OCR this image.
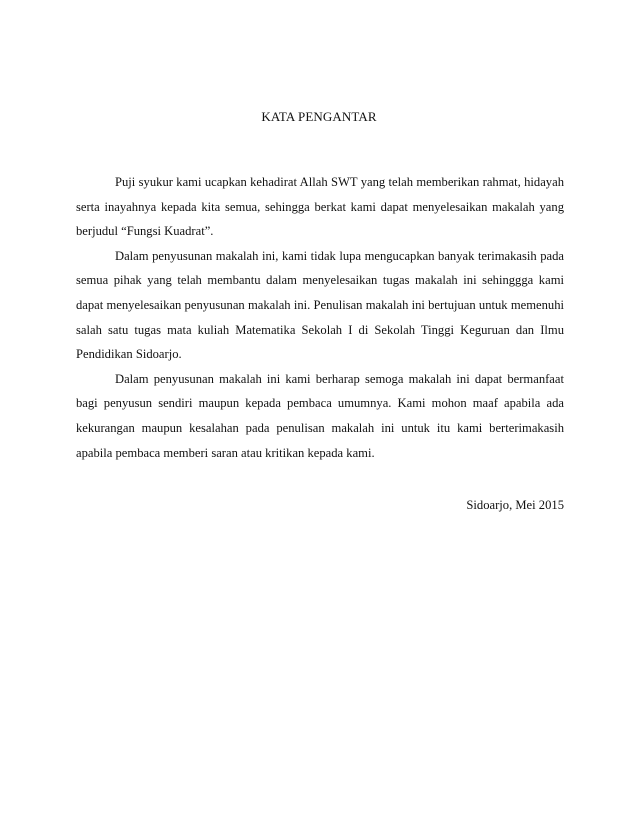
KATA PENGANTAR

Puji syukur kami ucapkan kehadirat Allah SWT yang telah memberikan rahmat, hidayah serta inayahnya kepada kita semua, sehingga berkat kami dapat menyelesaikan makalah yang berjudul “Fungsi Kuadrat”.

Dalam penyusunan makalah ini, kami tidak lupa mengucapkan banyak terimakasih pada semua pihak yang telah membantu dalam menyelesaikan tugas makalah ini sehinggga kami dapat menyelesaikan penyusunan makalah ini. Penulisan makalah ini bertujuan untuk memenuhi salah satu tugas mata kuliah Matematika Sekolah I di Sekolah Tinggi Keguruan dan Ilmu Pendidikan Sidoarjo.

Dalam penyusunan makalah ini kami berharap semoga makalah ini dapat bermanfaat bagi penyusun sendiri maupun kepada pembaca umumnya. Kami mohon maaf apabila ada kekurangan maupun kesalahan pada penulisan makalah ini untuk itu kami berterimakasih apabila pembaca memberi saran atau kritikan kepada kami.

Sidoarjo, Mei 2015
